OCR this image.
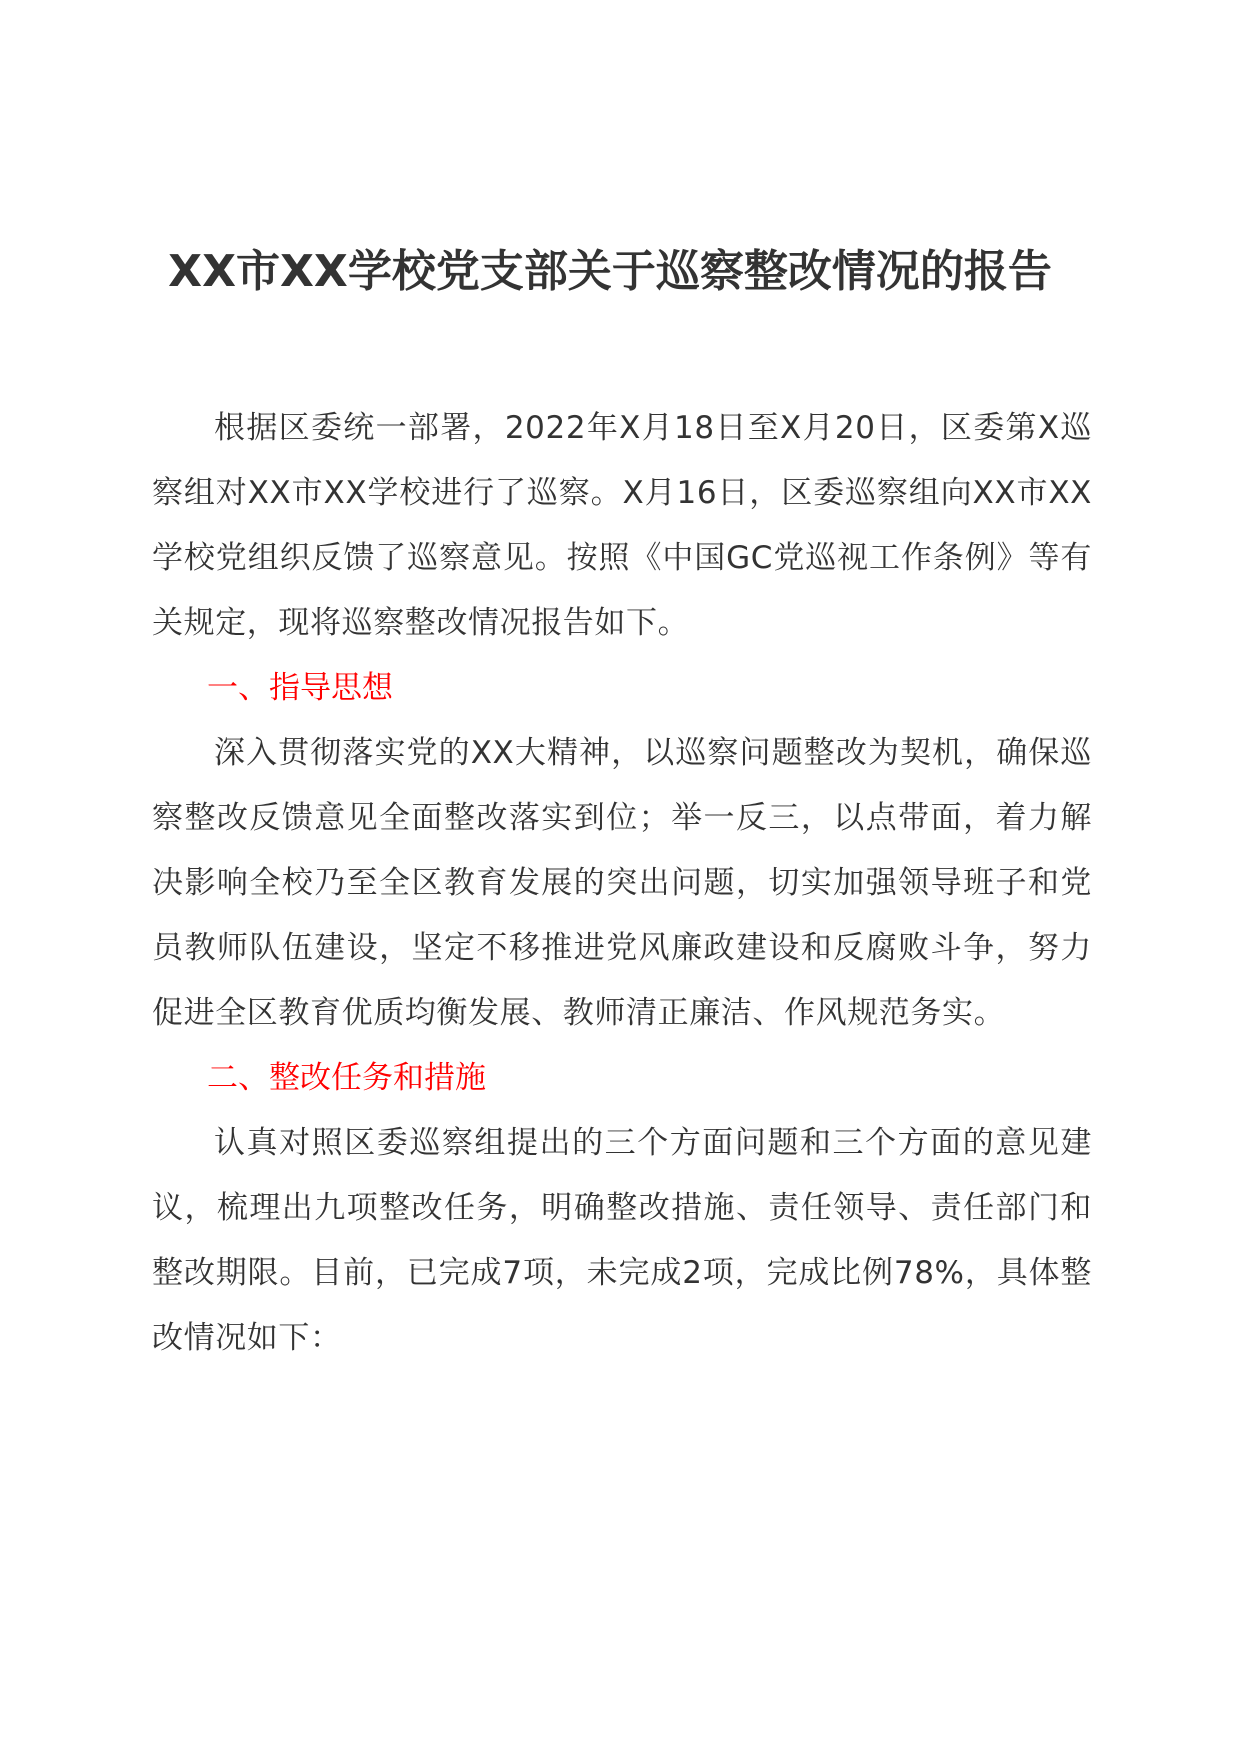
XX市XX学校党支部关于巡察整改情况的报告

根据区委统一部署，2022年X月18日至X月20日，区委第X巡察组对XX市XX学校进行了巡察。X月16日，区委巡察组向XX市XX学校党组织反馈了巡察意见。按照《中国GC党巡视工作条例》等有关规定，现将巡察整改情况报告如下。

一、指导思想

深入贯彻落实党的XX大精神，以巡察问题整改为契机，确保巡察整改反馈意见全面整改落实到位；举一反三，以点带面，着力解决影响全校乃至全区教育发展的突出问题，切实加强领导班子和党员教师队伍建设，坚定不移推进党风廉政建设和反腐败斗争，努力促进全区教育优质均衡发展、教师清正廉洁、作风规范务实。

二、整改任务和措施

认真对照区委巡察组提出的三个方面问题和三个方面的意见建议，梳理出九项整改任务，明确整改措施、责任领导、责任部门和整改期限。目前，已完成7项，未完成2项，完成比例78%，具体整改情况如下：
